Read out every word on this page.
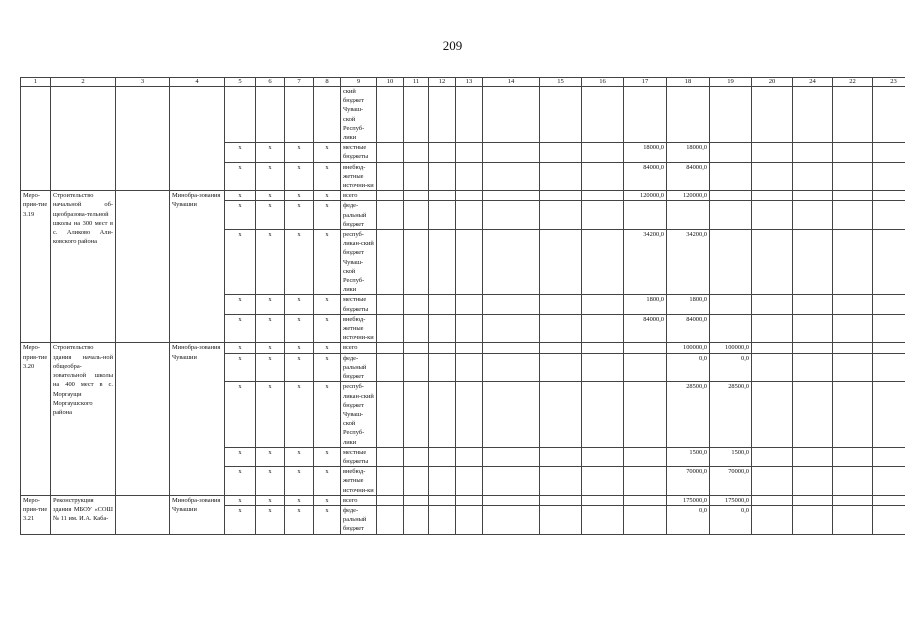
209
1	2	3	4	5	6	7	8	9	10	11	12	13	14	15	16	17	18	19	20	24	22	23
								ский бюджет Чуваш-ской Респуб-лики														
				х	х	х	х	местные бюджеты								18000,0	18000,0					
				х	х	х	х	внебюд-жетные источни-ки								84000,0	84000,0					
Меро-прия-тие 3.19	Строительство начальной об-щеобразова-тельной школы на 300 мест в с. Аликово Али-ковского района		Минобра-зования Чувашии	х	х	х	х	всего								120000,0	120000,0					
				х	х	х	х	феде-ральный бюджет														
				х	х	х	х	респуб-ликан-ский бюджет Чуваш-ской Респуб-лики								34200,0	34200,0					
				х	х	х	х	местные бюджеты								1800,0	1800,0					
				х	х	х	х	внебюд-жетные источни-ки								84000,0	84000,0					
Меро-прия-тие 3.20	Строительство здания началь-ной общеобра-зовательной школы на 400 мест в с. Моргаущи Моргаушского района		Минобра-зования Чувашии	х	х	х	х	всего									100000,0	100000,0				
				х	х	х	х	феде-ральный бюджет									0,0	0,0				
				х	х	х	х	респуб-ликан-ский бюджет Чуваш-ской Респуб-лики									28500,0	28500,0				
				х	х	х	х	местные бюджеты									1500,0	1500,0				
				х	х	х	х	внебюд-жетные источни-ки									70000,0	70000,0				
Меро-прия-тие 3.21	Реконструкция здания МБОУ «СОШ № 11 им. И.А. Каба-		Минобра-зования Чувашии	х	х	х	х	всего									175000,0	175000,0				
				х	х	х	х	феде-ральный бюджет									0,0	0,0				
